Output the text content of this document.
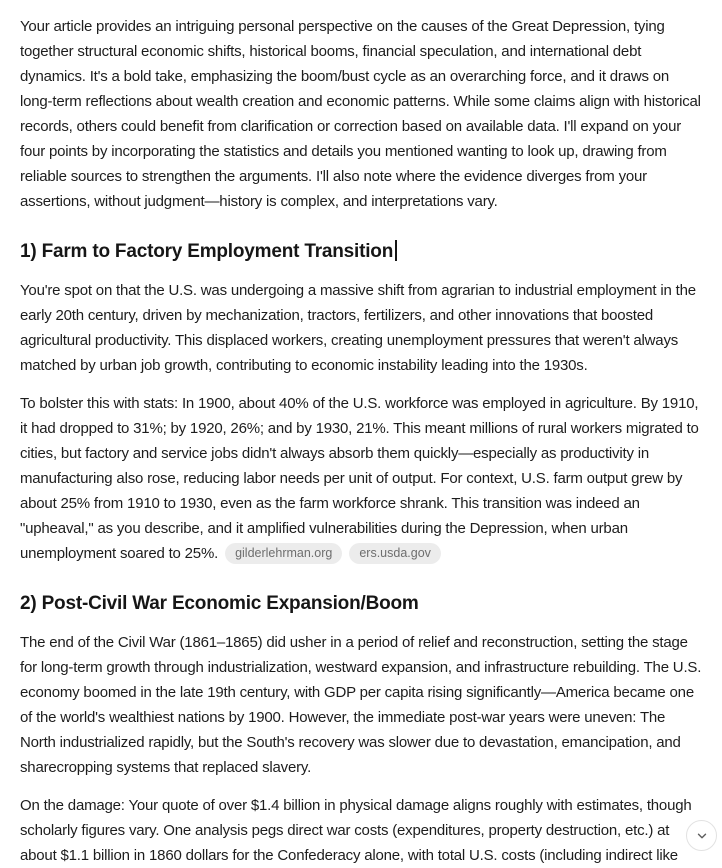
Your article provides an intriguing personal perspective on the causes of the Great Depression, tying together structural economic shifts, historical booms, financial speculation, and international debt dynamics. It's a bold take, emphasizing the boom/bust cycle as an overarching force, and it draws on long-term reflections about wealth creation and economic patterns. While some claims align with historical records, others could benefit from clarification or correction based on available data. I'll expand on your four points by incorporating the statistics and details you mentioned wanting to look up, drawing from reliable sources to strengthen the arguments. I'll also note where the evidence diverges from your assertions, without judgment—history is complex, and interpretations vary.

1) Farm to Factory Employment Transition

You're spot on that the U.S. was undergoing a massive shift from agrarian to industrial employment in the early 20th century, driven by mechanization, tractors, fertilizers, and other innovations that boosted agricultural productivity. This displaced workers, creating unemployment pressures that weren't always matched by urban job growth, contributing to economic instability leading into the 1930s.

To bolster this with stats: In 1900, about 40% of the U.S. workforce was employed in agriculture. By 1910, it had dropped to 31%; by 1920, 26%; and by 1930, 21%. This meant millions of rural workers migrated to cities, but factory and service jobs didn't always absorb them quickly—especially as productivity in manufacturing also rose, reducing labor needs per unit of output. For context, U.S. farm output grew by about 25% from 1910 to 1930, even as the farm workforce shrank. This transition was indeed an "upheaval," as you describe, and it amplified vulnerabilities during the Depression, when urban unemployment soared to 25%. gilderlehrman.org ers.usda.gov

2) Post-Civil War Economic Expansion/Boom

The end of the Civil War (1861–1865) did usher in a period of relief and reconstruction, setting the stage for long-term growth through industrialization, westward expansion, and infrastructure rebuilding. The U.S. economy boomed in the late 19th century, with GDP per capita rising significantly—America became one of the world's wealthiest nations by 1900. However, the immediate post-war years were uneven: The North industrialized rapidly, but the South's recovery was slower due to devastation, emancipation, and sharecropping systems that replaced slavery.

On the damage: Your quote of over $1.4 billion in physical damage aligns roughly with estimates, though scholarly figures vary. One analysis pegs direct war costs (expenditures, property destruction, etc.) at about $1.1 billion in 1860 dollars for the Confederacy alone, with total U.S. costs (including indirect like
